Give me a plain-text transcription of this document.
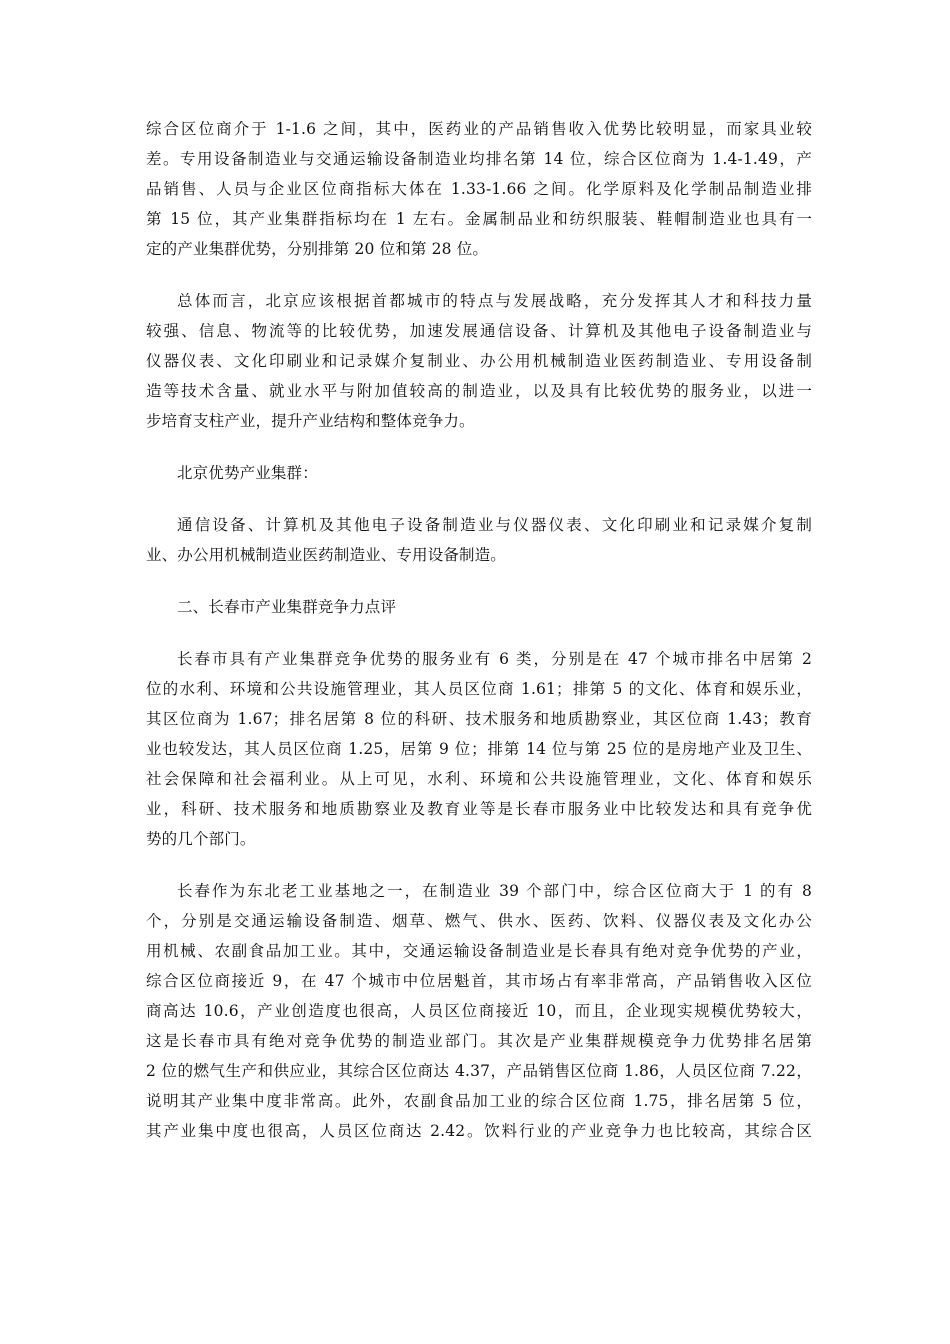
综合区位商介于 1-1.6 之间，其中，医药业的产品销售收入优势比较明显，而家具业较
差。专用设备制造业与交通运输设备制造业均排名第 14 位，综合区位商为 1.4-1.49，产
品销售、人员与企业区位商指标大体在 1.33-1.66 之间。化学原料及化学制品制造业排
第 15 位，其产业集群指标均在 1 左右。金属制品业和纺织服装、鞋帽制造业也具有一
定的产业集群优势，分别排第 20 位和第 28 位。

总体而言，北京应该根据首都城市的特点与发展战略，充分发挥其人才和科技力量
较强、信息、物流等的比较优势，加速发展通信设备、计算机及其他电子设备制造业与
仪器仪表、文化印刷业和记录媒介复制业、办公用机械制造业医药制造业、专用设备制
造等技术含量、就业水平与附加值较高的制造业，以及具有比较优势的服务业，以进一
步培育支柱产业，提升产业结构和整体竞争力。

北京优势产业集群：

通信设备、计算机及其他电子设备制造业与仪器仪表、文化印刷业和记录媒介复制
业、办公用机械制造业医药制造业、专用设备制造。

二、长春市产业集群竞争力点评

长春市具有产业集群竞争优势的服务业有 6 类，分别是在 47 个城市排名中居第 2
位的水利、环境和公共设施管理业，其人员区位商 1.61；排第 5 的文化、体育和娱乐业，
其区位商为 1.67；排名居第 8 位的科研、技术服务和地质勘察业，其区位商 1.43；教育
业也较发达，其人员区位商 1.25，居第 9 位；排第 14 位与第 25 位的是房地产业及卫生、
社会保障和社会福利业。从上可见，水利、环境和公共设施管理业，文化、体育和娱乐
业，科研、技术服务和地质勘察业及教育业等是长春市服务业中比较发达和具有竞争优
势的几个部门。

长春作为东北老工业基地之一，在制造业 39 个部门中，综合区位商大于 1 的有 8
个，分别是交通运输设备制造、烟草、燃气、供水、医药、饮料、仪器仪表及文化办公
用机械、农副食品加工业。其中，交通运输设备制造业是长春具有绝对竞争优势的产业，
综合区位商接近 9，在 47 个城市中位居魁首，其市场占有率非常高，产品销售收入区位
商高达 10.6，产业创造度也很高，人员区位商接近 10，而且，企业现实规模优势较大，
这是长春市具有绝对竞争优势的制造业部门。其次是产业集群规模竞争力优势排名居第
2 位的燃气生产和供应业，其综合区位商达 4.37，产品销售区位商 1.86，人员区位商 7.22，
说明其产业集中度非常高。此外，农副食品加工业的综合区位商 1.75，排名居第 5 位，
其产业集中度也很高，人员区位商达 2.42。饮料行业的产业竞争力也比较高，其综合区
